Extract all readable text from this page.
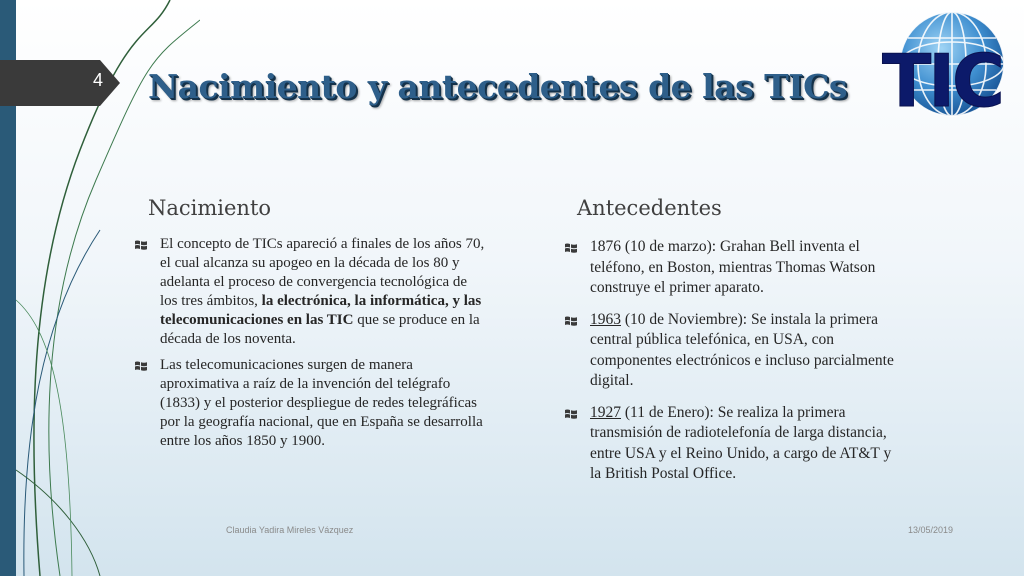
4 Nacimiento y antecedentes de las TICs TIC
Nacimiento	Antecedentes
El concepto de TICs apareció a finales de los años 70, el cual alcanza su apogeo en la década de los 80 y adelanta el proceso de convergencia tecnológica de los tres ámbitos, la electrónica, la informática, y las telecomunicaciones en las TIC que se produce en la década de los noventa.
Las telecomunicaciones surgen de manera aproximativa a raíz de la invención del telégrafo (1833) y el posterior despliegue de redes telegráficas por la geografía nacional, que en España se desarrolla entre los años 1850 y 1900.
1876 (10 de marzo): Grahan Bell inventa el teléfono, en Boston, mientras Thomas Watson construye el primer aparato.
1963 (10 de Noviembre): Se instala la primera central pública telefónica, en USA, con componentes electrónicos e incluso parcialmente digital.
1927 (11 de Enero): Se realiza la primera transmisión de radiotelefonía de larga distancia, entre USA y el Reino Unido, a cargo de AT&T y la British Postal Office.
Claudia Yadira Mireles Vázquez	13/05/2019
